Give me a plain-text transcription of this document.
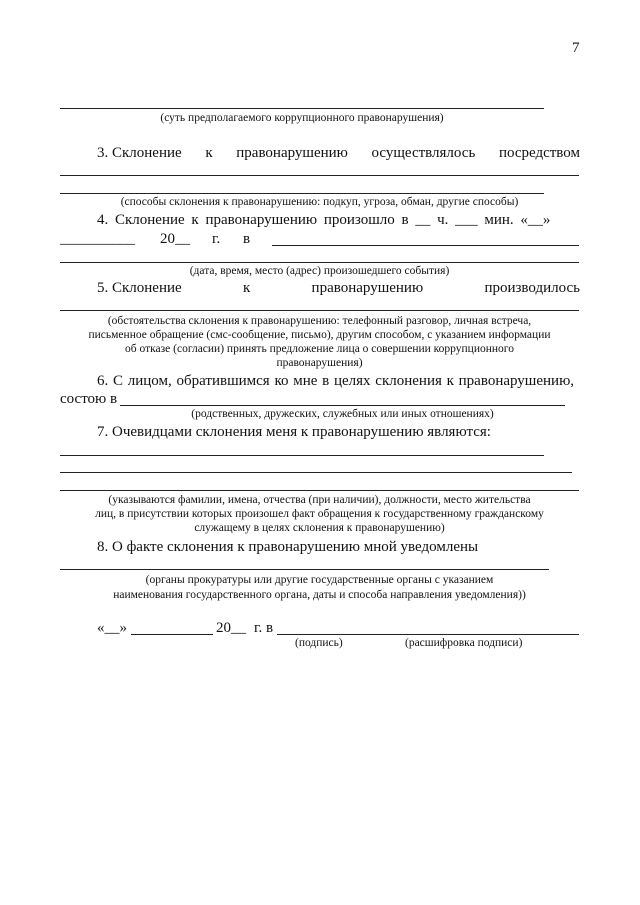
7
(суть предполагаемого коррупционного правонарушения)
3. Склонение к правонарушению осуществлялось посредством
(способы склонения к правонарушению: подкуп, угроза, обман, другие способы)
4. Склонение к правонарушению произошло в __ ч. ___ мин. «__»
__________ 20__ г. в
(дата, время, место (адрес) произошедшего события)
5. Склонение	к	правонарушению	производилось
(обстоятельства склонения к правонарушению: телефонный разговор, личная встреча,
письменное обращение (смс-сообщение, письмо), другим способом, с указанием информации
об отказе (согласии) принять предложение лица о совершении коррупционного
правонарушения)
6. С лицом, обратившимся ко мне в целях склонения к правонарушению,
состою в
(родственных, дружеских, служебных или иных отношениях)
7. Очевидцами склонения меня к правонарушению являются:
(указываются фамилии, имена, отчества (при наличии), должности, место жительства
лиц, в присутствии которых произошел факт обращения к государственному гражданскому
служащему в целях склонения к правонарушению)
8. О факте склонения к правонарушению мной уведомлены
(органы прокуратуры или другие государственные органы с указанием
наименования государственного органа, даты и способа направления уведомления))
«__»	20__ г. в
(подпись)	(расшифровка подписи)
